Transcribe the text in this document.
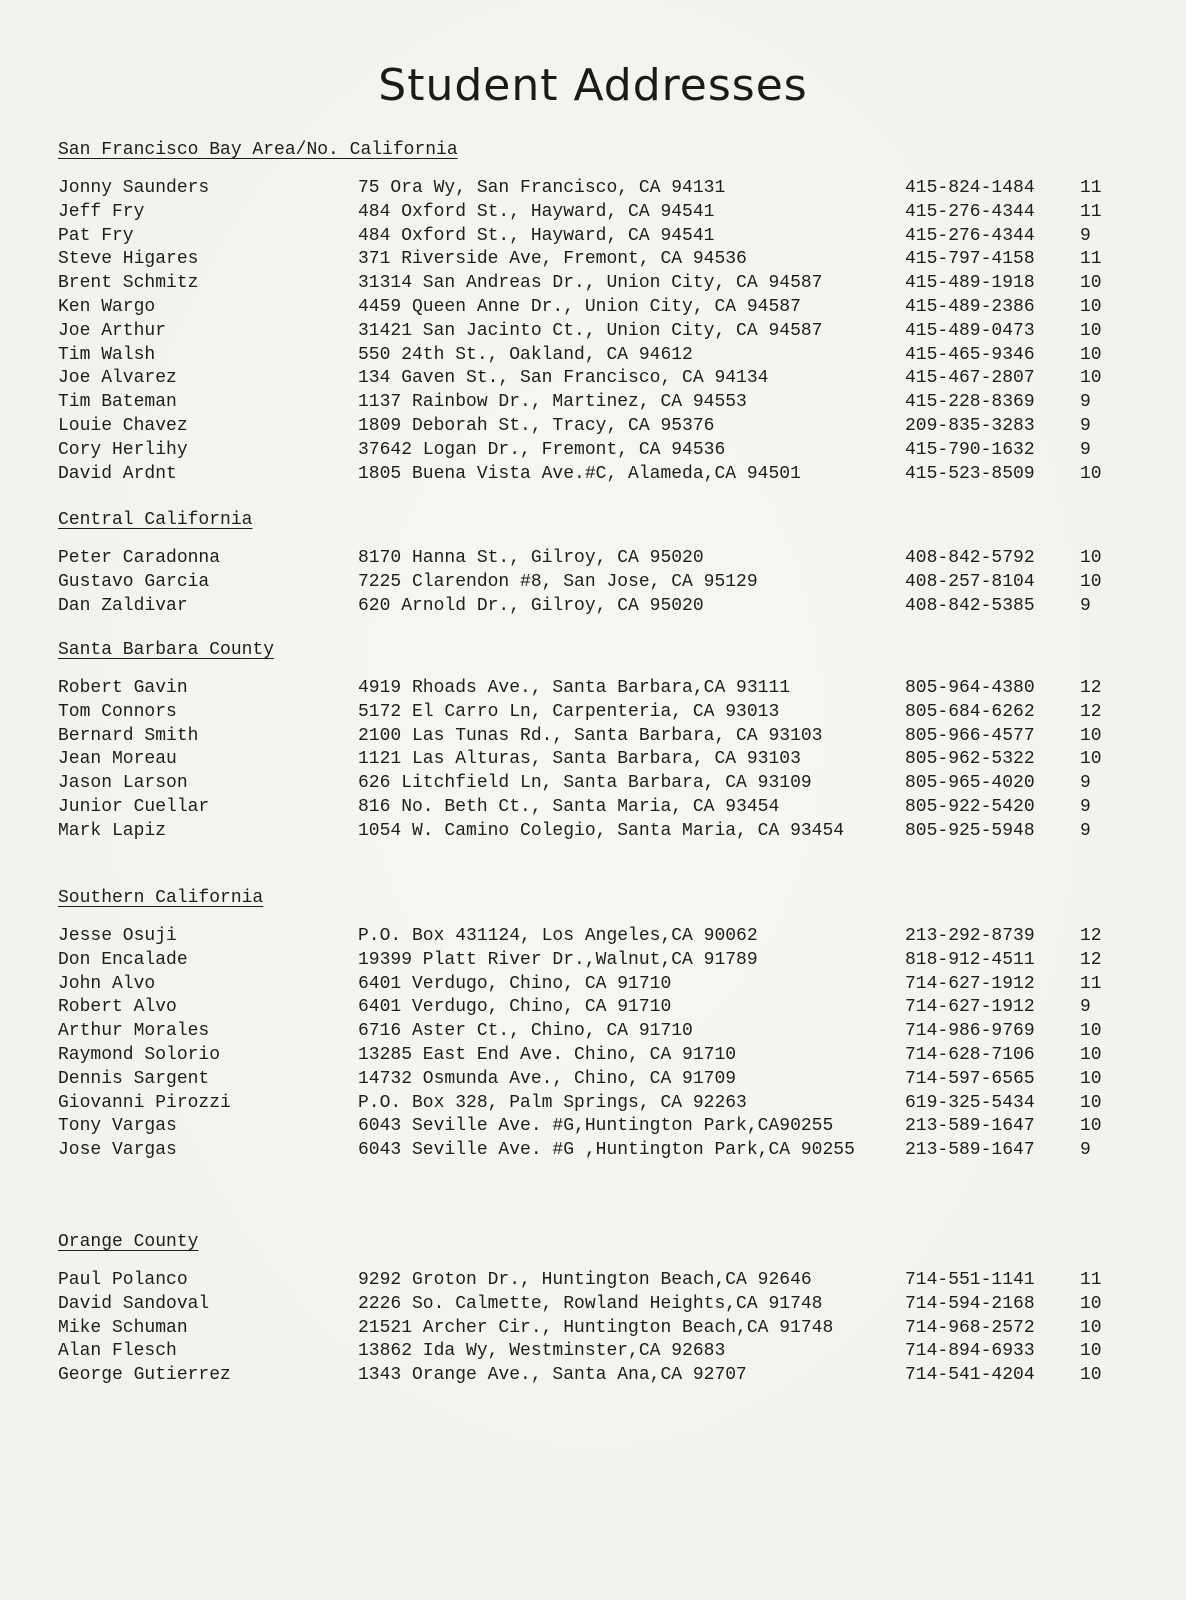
Student Addresses
San Francisco Bay Area/No. California
Jonny Saunders	75 Ora Wy, San Francisco, CA 94131	415-824-1484	11
Jeff Fry	484 Oxford St., Hayward, CA 94541	415-276-4344	11
Pat Fry	484 Oxford St., Hayward, CA 94541	415-276-4344	9
Steve Higares	371 Riverside Ave, Fremont, CA 94536	415-797-4158	11
Brent Schmitz	31314 San Andreas Dr., Union City, CA 94587	415-489-1918	10
Ken Wargo	4459 Queen Anne Dr., Union City, CA 94587	415-489-2386	10
Joe Arthur	31421 San Jacinto Ct., Union City, CA 94587	415-489-0473	10
Tim Walsh	550 24th St., Oakland, CA 94612	415-465-9346	10
Joe Alvarez	134 Gaven St., San Francisco, CA 94134	415-467-2807	10
Tim Bateman	1137 Rainbow Dr., Martinez, CA 94553	415-228-8369	9
Louie Chavez	1809 Deborah St., Tracy, CA 95376	209-835-3283	9
Cory Herlihy	37642 Logan Dr., Fremont, CA 94536	415-790-1632	9
David Ardnt	1805 Buena Vista Ave.#C, Alameda,CA 94501	415-523-8509	10
Central California
Peter Caradonna	8170 Hanna St., Gilroy, CA 95020	408-842-5792	10
Gustavo Garcia	7225 Clarendon #8, San Jose, CA 95129	408-257-8104	10
Dan Zaldivar	620 Arnold Dr., Gilroy, CA 95020	408-842-5385	9
Santa Barbara County
Robert Gavin	4919 Rhoads Ave., Santa Barbara,CA 93111	805-964-4380	12
Tom Connors	5172 El Carro Ln, Carpenteria, CA 93013	805-684-6262	12
Bernard Smith	2100 Las Tunas Rd., Santa Barbara, CA 93103	805-966-4577	10
Jean Moreau	1121 Las Alturas, Santa Barbara, CA 93103	805-962-5322	10
Jason Larson	626 Litchfield Ln, Santa Barbara, CA 93109	805-965-4020	9
Junior Cuellar	816 No. Beth Ct., Santa Maria, CA 93454	805-922-5420	9
Mark Lapiz	1054 W. Camino Colegio, Santa Maria, CA 93454	805-925-5948	9
Southern California
Jesse Osuji	P.O. Box 431124, Los Angeles,CA 90062	213-292-8739	12
Don Encalade	19399 Platt River Dr.,Walnut,CA 91789	818-912-4511	12
John Alvo	6401 Verdugo, Chino, CA 91710	714-627-1912	11
Robert Alvo	6401 Verdugo, Chino, CA 91710	714-627-1912	9
Arthur Morales	6716 Aster Ct., Chino, CA 91710	714-986-9769	10
Raymond Solorio	13285 East End Ave. Chino, CA 91710	714-628-7106	10
Dennis Sargent	14732 Osmunda Ave., Chino, CA 91709	714-597-6565	10
Giovanni Pirozzi	P.O. Box 328, Palm Springs, CA 92263	619-325-5434	10
Tony Vargas	6043 Seville Ave. #G,Huntington Park,CA90255	213-589-1647	10
Jose Vargas	6043 Seville Ave. #G ,Huntington Park,CA 90255	213-589-1647	9
Orange County
Paul Polanco	9292 Groton Dr., Huntington Beach,CA 92646	714-551-1141	11
David Sandoval	2226 So. Calmette, Rowland Heights,CA 91748	714-594-2168	10
Mike Schuman	21521 Archer Cir., Huntington Beach,CA 91748	714-968-2572	10
Alan Flesch	13862 Ida Wy, Westminster,CA 92683	714-894-6933	10
George Gutierrez	1343 Orange Ave., Santa Ana,CA 92707	714-541-4204	10
